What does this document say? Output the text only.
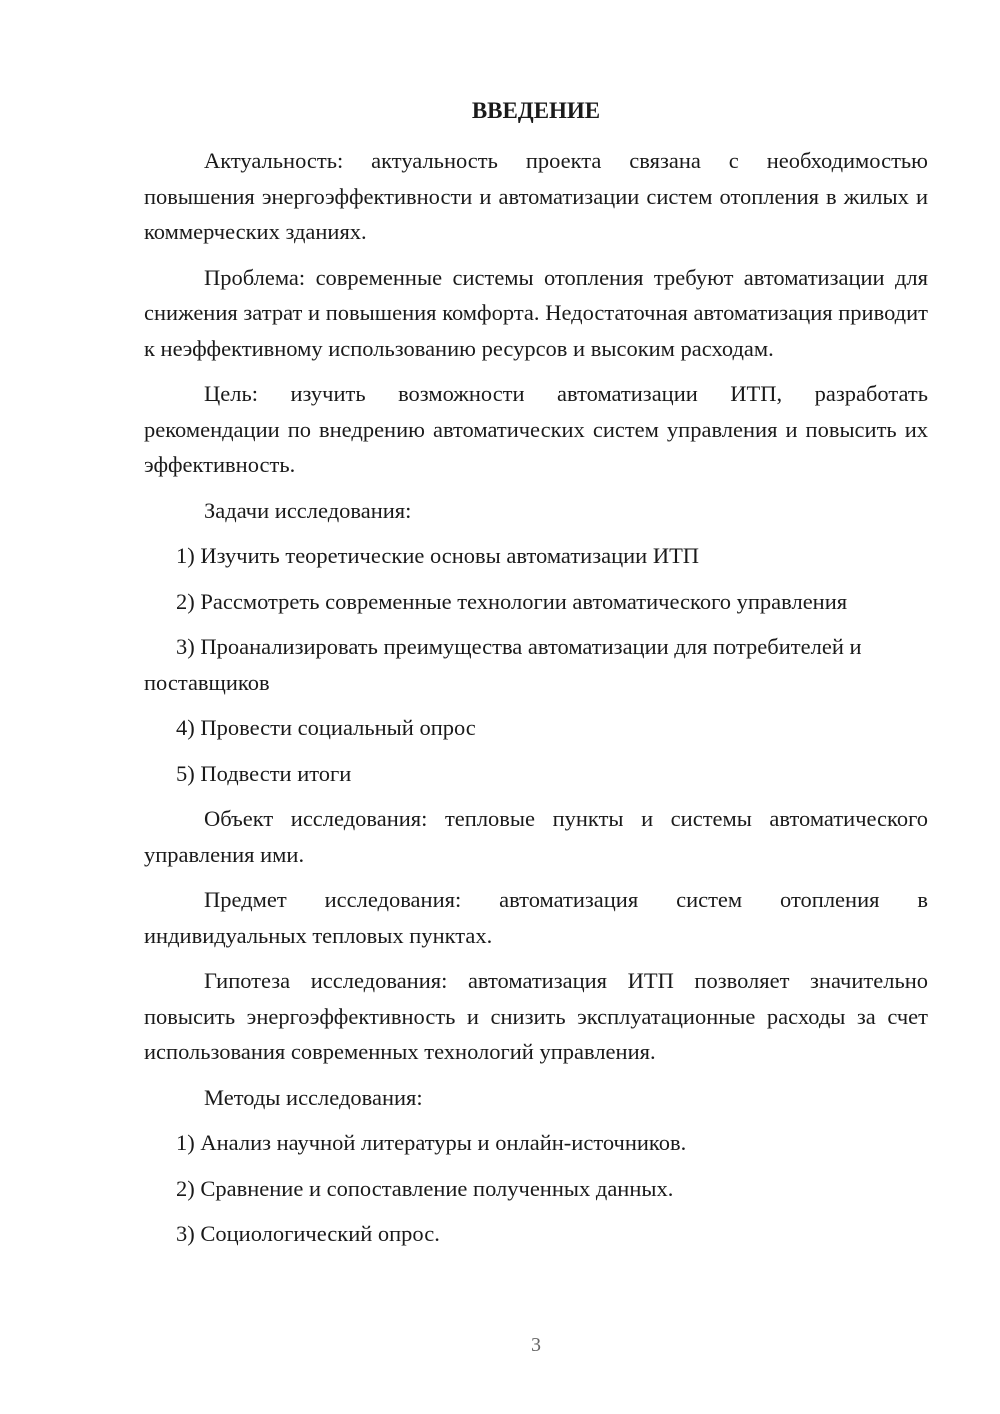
ВВЕДЕНИЕ

Актуальность: актуальность проекта связана с необходимостью повышения энергоэффективности и автоматизации систем отопления в жилых и коммерческих зданиях.

Проблема: современные системы отопления требуют автоматизации для снижения затрат и повышения комфорта. Недостаточная автоматизация приводит к неэффективному использованию ресурсов и высоким расходам.

Цель: изучить возможности автоматизации ИТП, разработать рекомендации по внедрению автоматических систем управления и повысить их эффективность.

Задачи исследования:

1) Изучить теоретические основы автоматизации ИТП

2) Рассмотреть современные технологии автоматического управления

3) Проанализировать преимущества автоматизации для потребителей и поставщиков

4) Провести социальный опрос

5) Подвести итоги

Объект исследования: тепловые пункты и системы автоматического управления ими.

Предмет исследования: автоматизация систем отопления в индивидуальных тепловых пунктах.

Гипотеза исследования: автоматизация ИТП позволяет значительно повысить энергоэффективность и снизить эксплуатационные расходы за счет использования современных технологий управления.

Методы исследования:

1) Анализ научной литературы и онлайн-источников.

2) Сравнение и сопоставление полученных данных.

3) Социологический опрос.

3
